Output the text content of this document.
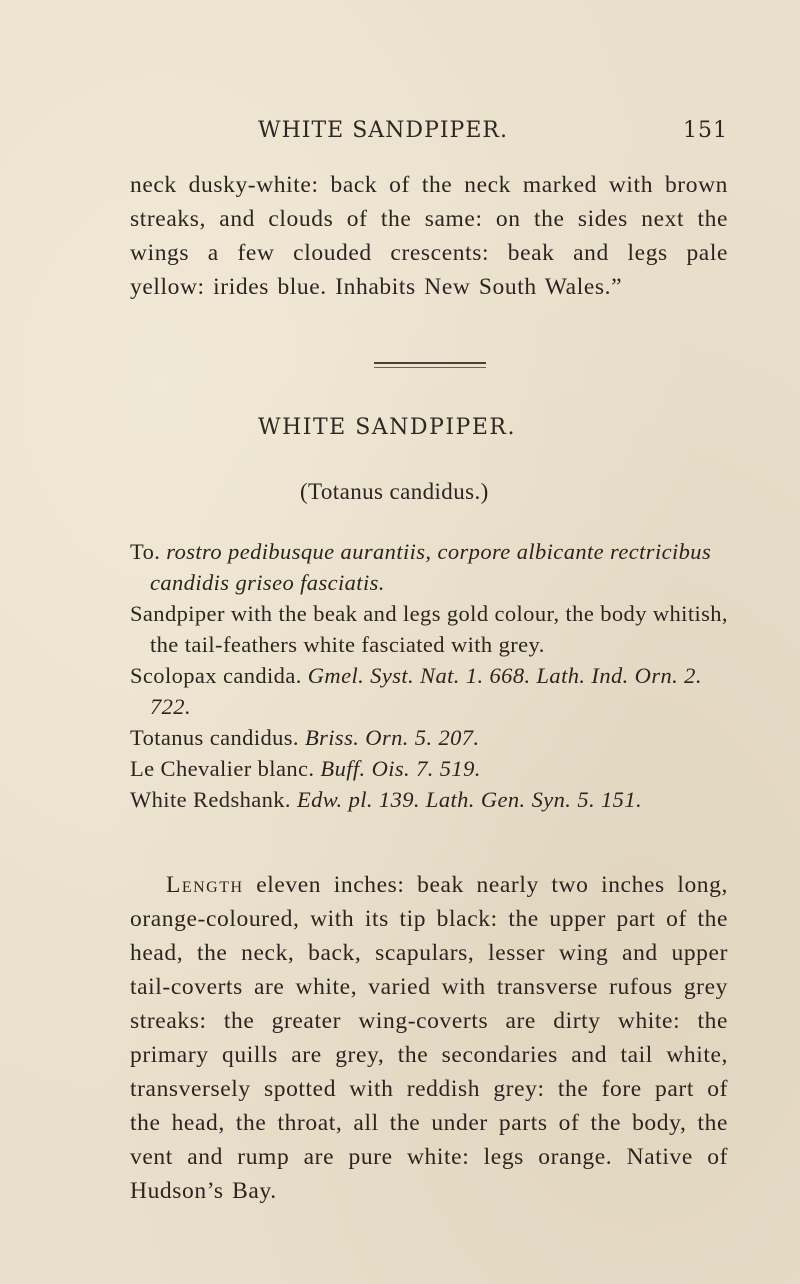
WHITE SANDPIPER.	151

neck dusky-white: back of the neck marked with brown streaks, and clouds of the same: on the sides next the wings a few clouded crescents: beak and legs pale yellow: irides blue. Inhabits New South Wales.”

WHITE SANDPIPER.
(Totanus candidus.)

To. rostro pedibusque aurantiis, corpore albicante rectricibus candidis griseo fasciatis.

Sandpiper with the beak and legs gold colour, the body whitish, the tail-feathers white fasciated with grey.

Scolopax candida. Gmel. Syst. Nat. 1. 668. Lath. Ind. Orn. 2. 722.

Totanus candidus. Briss. Orn. 5. 207.

Le Chevalier blanc. Buff. Ois. 7. 519.

White Redshank. Edw. pl. 139. Lath. Gen. Syn. 5. 151.

Length eleven inches: beak nearly two inches long, orange-coloured, with its tip black: the upper part of the head, the neck, back, scapulars, lesser wing and upper tail-coverts are white, varied with transverse rufous grey streaks: the greater wing-coverts are dirty white: the primary quills are grey, the secondaries and tail white, transversely spotted with reddish grey: the fore part of the head, the throat, all the under parts of the body, the vent and rump are pure white: legs orange. Native of Hudson’s Bay.
